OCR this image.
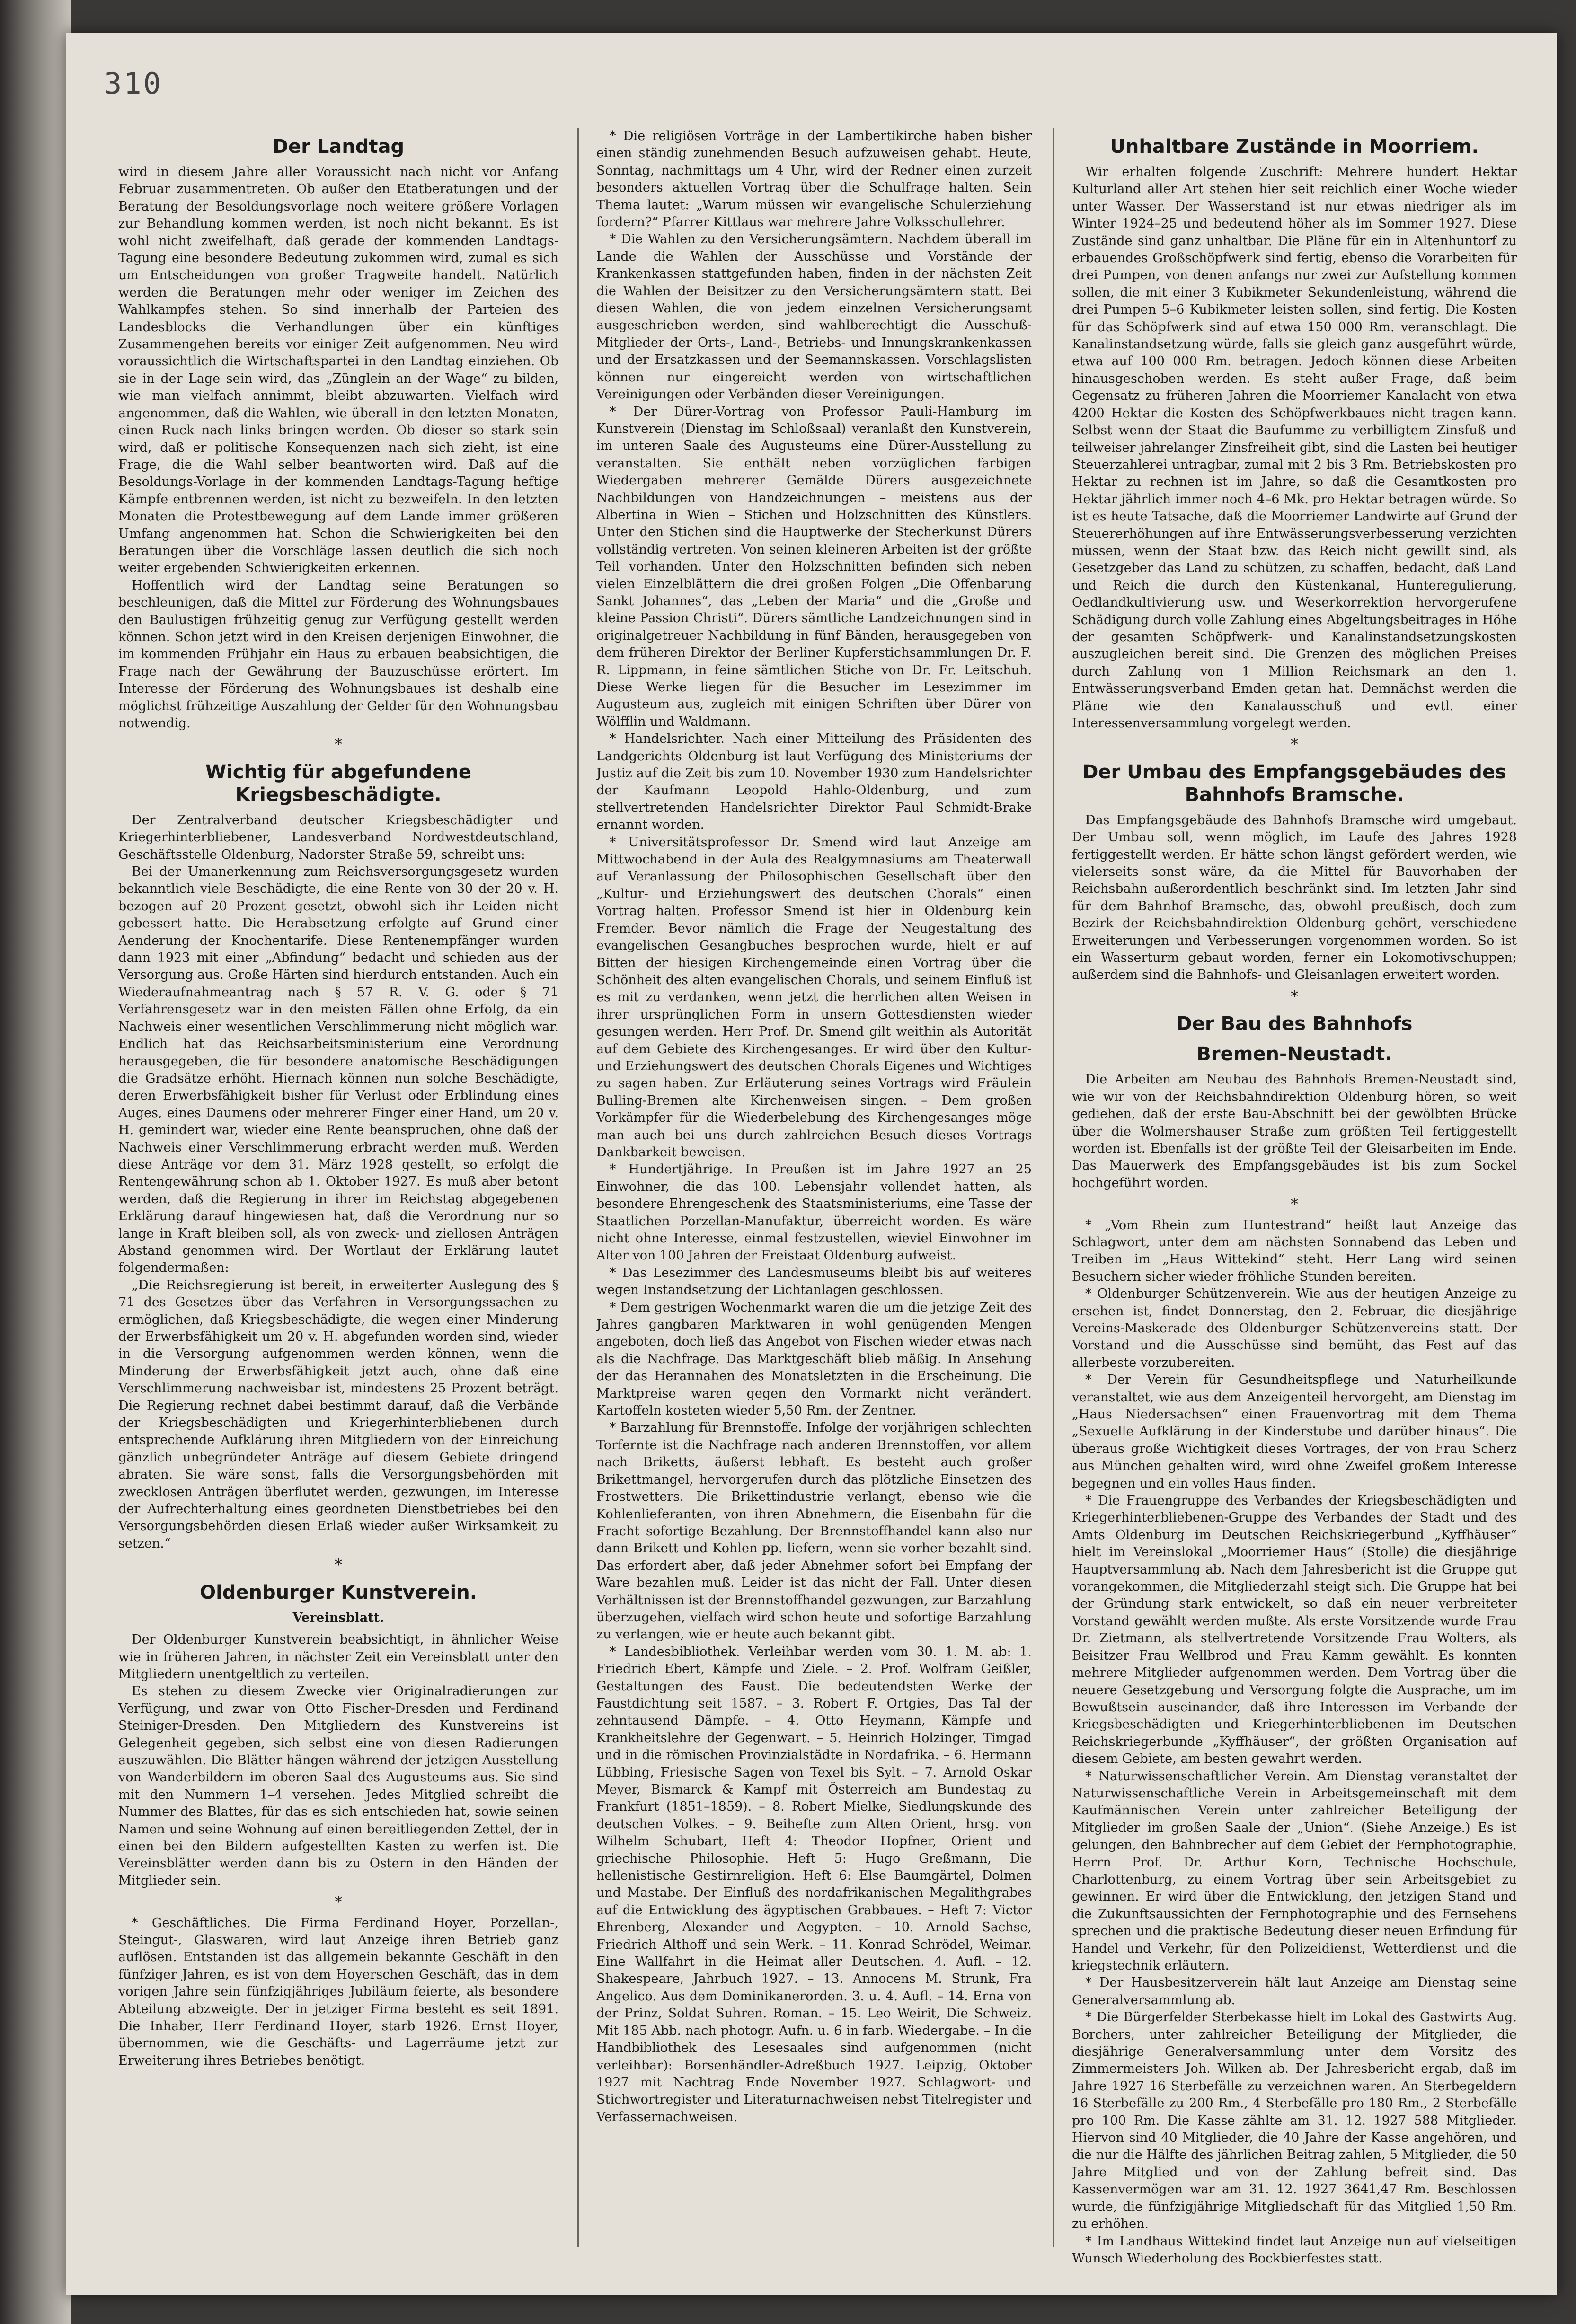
310
Der Landtag

wird in diesem Jahre aller Voraussicht nach nicht vor Anfang Februar zusammentreten. Ob außer den Etatberatungen und der Beratung der Besoldungsvorlage noch weitere größere Vorlagen zur Behandlung kommen werden, ist noch nicht bekannt. Es ist wohl nicht zweifelhaft, daß gerade der kommenden Landtags-Tagung eine besondere Bedeutung zukommen wird, zumal es sich um Entscheidungen von großer Tragweite handelt. Natürlich werden die Beratungen mehr oder weniger im Zeichen des Wahlkampfes stehen. So sind innerhalb der Parteien des Landesblocks die Verhandlungen über ein künftiges Zusammengehen bereits vor einiger Zeit aufgenommen. Neu wird voraussichtlich die Wirtschaftspartei in den Landtag einziehen. Ob sie in der Lage sein wird, das „Zünglein an der Wage“ zu bilden, wie man vielfach annimmt, bleibt abzuwarten. Vielfach wird angenommen, daß die Wahlen, wie überall in den letzten Monaten, einen Ruck nach links bringen werden. Ob dieser so stark sein wird, daß er politische Konsequenzen nach sich zieht, ist eine Frage, die die Wahl selber beantworten wird. Daß auf die Besoldungs-Vorlage in der kommenden Landtags-Tagung heftige Kämpfe entbrennen werden, ist nicht zu bezweifeln. In den letzten Monaten die Protestbewegung auf dem Lande immer größeren Umfang angenommen hat. Schon die Schwierigkeiten bei den Beratungen über die Vorschläge lassen deutlich die sich noch weiter ergebenden Schwierigkeiten erkennen.

Hoffentlich wird der Landtag seine Beratungen so beschleunigen, daß die Mittel zur Förderung des Wohnungsbaues den Baulustigen frühzeitig genug zur Verfügung gestellt werden können. Schon jetzt wird in den Kreisen derjenigen Einwohner, die im kommenden Frühjahr ein Haus zu erbauen beabsichtigen, die Frage nach der Gewährung der Bauzuschüsse erörtert. Im Interesse der Förderung des Wohnungsbaues ist deshalb eine möglichst frühzeitige Auszahlung der Gelder für den Wohnungsbau notwendig.

*
Wichtig für abgefundene Kriegsbeschädigte.

Der Zentralverband deutscher Kriegsbeschädigter und Kriegerhinterbliebener, Landesverband Nordwestdeutschland, Geschäftsstelle Oldenburg, Nadorster Straße 59, schreibt uns:

Bei der Umanerkennung zum Reichsversorgungsgesetz wurden bekanntlich viele Beschädigte, die eine Rente von 30 der 20 v. H. bezogen auf 20 Prozent gesetzt, obwohl sich ihr Leiden nicht gebessert hatte. Die Herabsetzung erfolgte auf Grund einer Aenderung der Knochentarife. Diese Rentenempfänger wurden dann 1923 mit einer „Abfindung“ bedacht und schieden aus der Versorgung aus. Große Härten sind hierdurch entstanden. Auch ein Wiederaufnahmeantrag nach § 57 R. V. G. oder § 71 Verfahrensgesetz war in den meisten Fällen ohne Erfolg, da ein Nachweis einer wesentlichen Verschlimmerung nicht möglich war. Endlich hat das Reichsarbeitsministerium eine Verordnung herausgegeben, die für besondere anatomische Beschädigungen die Gradsätze erhöht. Hiernach können nun solche Beschädigte, deren Erwerbsfähigkeit bisher für Verlust oder Erblindung eines Auges, eines Daumens oder mehrerer Finger einer Hand, um 20 v. H. gemindert war, wieder eine Rente beanspruchen, ohne daß der Nachweis einer Verschlimmerung erbracht werden muß. Werden diese Anträge vor dem 31. März 1928 gestellt, so erfolgt die Rentengewährung schon ab 1. Oktober 1927. Es muß aber betont werden, daß die Regierung in ihrer im Reichstag abgegebenen Erklärung darauf hingewiesen hat, daß die Verordnung nur so lange in Kraft bleiben soll, als von zweck- und ziellosen Anträgen Abstand genommen wird. Der Wortlaut der Erklärung lautet folgendermaßen:

„Die Reichsregierung ist bereit, in erweiterter Auslegung des § 71 des Gesetzes über das Verfahren in Versorgungssachen zu ermöglichen, daß Kriegsbeschädigte, die wegen einer Minderung der Erwerbsfähigkeit um 20 v. H. abgefunden worden sind, wieder in die Versorgung aufgenommen werden können, wenn die Minderung der Erwerbsfähigkeit jetzt auch, ohne daß eine Verschlimmerung nachweisbar ist, mindestens 25 Prozent beträgt. Die Regierung rechnet dabei bestimmt darauf, daß die Verbände der Kriegsbeschädigten und Kriegerhinterbliebenen durch entsprechende Aufklärung ihren Mitgliedern von der Einreichung gänzlich unbegründeter Anträge auf diesem Gebiete dringend abraten. Sie wäre sonst, falls die Versorgungsbehörden mit zwecklosen Anträgen überflutet werden, gezwungen, im Interesse der Aufrechterhaltung eines geordneten Dienstbetriebes bei den Versorgungsbehörden diesen Erlaß wieder außer Wirksamkeit zu setzen.“

*
Oldenburger Kunstverein.
Vereinsblatt.

Der Oldenburger Kunstverein beabsichtigt, in ähnlicher Weise wie in früheren Jahren, in nächster Zeit ein Vereinsblatt unter den Mitgliedern unentgeltlich zu verteilen.

Es stehen zu diesem Zwecke vier Originalradierungen zur Verfügung, und zwar von Otto Fischer-Dresden und Ferdinand Steiniger-Dresden. Den Mitgliedern des Kunstvereins ist Gelegenheit gegeben, sich selbst eine von diesen Radierungen auszuwählen. Die Blätter hängen während der jetzigen Ausstellung von Wanderbildern im oberen Saal des Augusteums aus. Sie sind mit den Nummern 1–4 versehen. Jedes Mitglied schreibt die Nummer des Blattes, für das es sich entschieden hat, sowie seinen Namen und seine Wohnung auf einen bereitliegenden Zettel, der in einen bei den Bildern aufgestellten Kasten zu werfen ist. Die Vereinsblätter werden dann bis zu Ostern in den Händen der Mitglieder sein.

*

* Geschäftliches. Die Firma Ferdinand Hoyer, Porzellan-, Steingut-, Glaswaren, wird laut Anzeige ihren Betrieb ganz auflösen. Entstanden ist das allgemein bekannte Geschäft in den fünfziger Jahren, es ist von dem Hoyerschen Geschäft, das in dem vorigen Jahre sein fünfzigjähriges Jubiläum feierte, als besondere Abteilung abzweigte. Der in jetziger Firma besteht es seit 1891. Die Inhaber, Herr Ferdinand Hoyer, starb 1926. Ernst Hoyer, übernommen, wie die Geschäfts- und Lagerräume jetzt zur Erweiterung ihres Betriebes benötigt.

* Die religiösen Vorträge in der Lambertikirche haben bisher einen ständig zunehmenden Besuch aufzuweisen gehabt. Heute, Sonntag, nachmittags um 4 Uhr, wird der Redner einen zurzeit besonders aktuellen Vortrag über die Schulfrage halten. Sein Thema lautet: „Warum müssen wir evangelische Schulerziehung fordern?“ Pfarrer Kittlaus war mehrere Jahre Volksschullehrer.

* Die Wahlen zu den Versicherungsämtern. Nachdem überall im Lande die Wahlen der Ausschüsse und Vorstände der Krankenkassen stattgefunden haben, finden in der nächsten Zeit die Wahlen der Beisitzer zu den Versicherungsämtern statt. Bei diesen Wahlen, die von jedem einzelnen Versicherungsamt ausgeschrieben werden, sind wahlberechtigt die Ausschuß-Mitglieder der Orts-, Land-, Betriebs- und Innungskrankenkassen und der Ersatzkassen und der Seemannskassen. Vorschlagslisten können nur eingereicht werden von wirtschaftlichen Vereinigungen oder Verbänden dieser Vereinigungen.

* Der Dürer-Vortrag von Professor Pauli-Hamburg im Kunstverein (Dienstag im Schloßsaal) veranlaßt den Kunstverein, im unteren Saale des Augusteums eine Dürer-Ausstellung zu veranstalten. Sie enthält neben vorzüglichen farbigen Wiedergaben mehrerer Gemälde Dürers ausgezeichnete Nachbildungen von Handzeichnungen – meistens aus der Albertina in Wien – Stichen und Holzschnitten des Künstlers. Unter den Stichen sind die Hauptwerke der Stecherkunst Dürers vollständig vertreten. Von seinen kleineren Arbeiten ist der größte Teil vorhanden. Unter den Holzschnitten befinden sich neben vielen Einzelblättern die drei großen Folgen „Die Offenbarung Sankt Johannes“, das „Leben der Maria“ und die „Große und kleine Passion Christi“. Dürers sämtliche Landzeichnungen sind in originalgetreuer Nachbildung in fünf Bänden, herausgegeben von dem früheren Direktor der Berliner Kupferstichsammlungen Dr. F. R. Lippmann, in feine sämtlichen Stiche von Dr. Fr. Leitschuh. Diese Werke liegen für die Besucher im Lesezimmer im Augusteum aus, zugleich mit einigen Schriften über Dürer von Wölfflin und Waldmann.

* Handelsrichter. Nach einer Mitteilung des Präsidenten des Landgerichts Oldenburg ist laut Verfügung des Ministeriums der Justiz auf die Zeit bis zum 10. November 1930 zum Handelsrichter der Kaufmann Leopold Hahlo-Oldenburg, und zum stellvertretenden Handelsrichter Direktor Paul Schmidt-Brake ernannt worden.

* Universitätsprofessor Dr. Smend wird laut Anzeige am Mittwochabend in der Aula des Realgymnasiums am Theaterwall auf Veranlassung der Philosophischen Gesellschaft über den „Kultur- und Erziehungswert des deutschen Chorals“ einen Vortrag halten. Professor Smend ist hier in Oldenburg kein Fremder. Bevor nämlich die Frage der Neugestaltung des evangelischen Gesangbuches besprochen wurde, hielt er auf Bitten der hiesigen Kirchengemeinde einen Vortrag über die Schönheit des alten evangelischen Chorals, und seinem Einfluß ist es mit zu verdanken, wenn jetzt die herrlichen alten Weisen in ihrer ursprünglichen Form in unsern Gottesdiensten wieder gesungen werden. Herr Prof. Dr. Smend gilt weithin als Autorität auf dem Gebiete des Kirchengesanges. Er wird über den Kultur- und Erziehungswert des deutschen Chorals Eigenes und Wichtiges zu sagen haben. Zur Erläuterung seines Vortrags wird Fräulein Bulling-Bremen alte Kirchenweisen singen. – Dem großen Vorkämpfer für die Wiederbelebung des Kirchengesanges möge man auch bei uns durch zahlreichen Besuch dieses Vortrags Dankbarkeit beweisen.

* Hundertjährige. In Preußen ist im Jahre 1927 an 25 Einwohner, die das 100. Lebensjahr vollendet hatten, als besondere Ehrengeschenk des Staatsministeriums, eine Tasse der Staatlichen Porzellan-Manufaktur, überreicht worden. Es wäre nicht ohne Interesse, einmal festzustellen, wieviel Einwohner im Alter von 100 Jahren der Freistaat Oldenburg aufweist.

* Das Lesezimmer des Landesmuseums bleibt bis auf weiteres wegen Instandsetzung der Lichtanlagen geschlossen.

* Dem gestrigen Wochenmarkt waren die um die jetzige Zeit des Jahres gangbaren Marktwaren in wohl genügenden Mengen angeboten, doch ließ das Angebot von Fischen wieder etwas nach als die Nachfrage. Das Marktgeschäft blieb mäßig. In Ansehung der das Herannahen des Monatsletzten in die Erscheinung. Die Marktpreise waren gegen den Vormarkt nicht verändert. Kartoffeln kosteten wieder 5,50 Rm. der Zentner.

* Barzahlung für Brennstoffe. Infolge der vorjährigen schlechten Torfernte ist die Nachfrage nach anderen Brennstoffen, vor allem nach Briketts, äußerst lebhaft. Es besteht auch großer Brikettmangel, hervorgerufen durch das plötzliche Einsetzen des Frostwetters. Die Brikettindustrie verlangt, ebenso wie die Kohlenlieferanten, von ihren Abnehmern, die Eisenbahn für die Fracht sofortige Bezahlung. Der Brennstoffhandel kann also nur dann Brikett und Kohlen pp. liefern, wenn sie vorher bezahlt sind. Das erfordert aber, daß jeder Abnehmer sofort bei Empfang der Ware bezahlen muß. Leider ist das nicht der Fall. Unter diesen Verhältnissen ist der Brennstoffhandel gezwungen, zur Barzahlung überzugehen, vielfach wird schon heute und sofortige Barzahlung zu verlangen, wie er heute auch bekannt gibt.

* Landesbibliothek. Verleihbar werden vom 30. 1. M. ab: 1. Friedrich Ebert, Kämpfe und Ziele. – 2. Prof. Wolfram Geißler, Gestaltungen des Faust. Die bedeutendsten Werke der Faustdichtung seit 1587. – 3. Robert F. Ortgies, Das Tal der zehntausend Dämpfe. – 4. Otto Heymann, Kämpfe und Krankheitslehre der Gegenwart. – 5. Heinrich Holzinger, Timgad und in die römischen Provinzialstädte in Nordafrika. – 6. Hermann Lübbing, Friesische Sagen von Texel bis Sylt. – 7. Arnold Oskar Meyer, Bismarck & Kampf mit Österreich am Bundestag zu Frankfurt (1851–1859). – 8. Robert Mielke, Siedlungskunde des deutschen Volkes. – 9. Beihefte zum Alten Orient, hrsg. von Wilhelm Schubart, Heft 4: Theodor Hopfner, Orient und griechische Philosophie. Heft 5: Hugo Greßmann, Die hellenistische Gestirnreligion. Heft 6: Else Baumgärtel, Dolmen und Mastabe. Der Einfluß des nordafrikanischen Megalithgrabes auf die Entwicklung des ägyptischen Grabbaues. – Heft 7: Victor Ehrenberg, Alexander und Aegypten. – 10. Arnold Sachse, Friedrich Althoff und sein Werk. – 11. Konrad Schrödel, Weimar. Eine Wallfahrt in die Heimat aller Deutschen. 4. Aufl. – 12. Shakespeare, Jahrbuch 1927. – 13. Annocens M. Strunk, Fra Angelico. Aus dem Dominikanerorden. 3. u. 4. Aufl. – 14. Erna von der Prinz, Soldat Suhren. Roman. – 15. Leo Weirit, Die Schweiz. Mit 185 Abb. nach photogr. Aufn. u. 6 in farb. Wiedergabe. – In die Handbibliothek des Lesesaales sind aufgenommen (nicht verleihbar): Borsenhändler-Adreßbuch 1927. Leipzig, Oktober 1927 mit Nachtrag Ende November 1927. Schlagwort- und Stichwortregister und Literaturnachweisen nebst Titelregister und Verfassernachweisen.

Unhaltbare Zustände in Moorriem.

Wir erhalten folgende Zuschrift: Mehrere hundert Hektar Kulturland aller Art stehen hier seit reichlich einer Woche wieder unter Wasser. Der Wasserstand ist nur etwas niedriger als im Winter 1924–25 und bedeutend höher als im Sommer 1927. Diese Zustände sind ganz unhaltbar. Die Pläne für ein in Altenhuntorf zu erbauendes Großschöpfwerk sind fertig, ebenso die Vorarbeiten für drei Pumpen, von denen anfangs nur zwei zur Aufstellung kommen sollen, die mit einer 3 Kubikmeter Sekundenleistung, während die drei Pumpen 5–6 Kubikmeter leisten sollen, sind fertig. Die Kosten für das Schöpfwerk sind auf etwa 150 000 Rm. veranschlagt. Die Kanalinstandsetzung würde, falls sie gleich ganz ausgeführt würde, etwa auf 100 000 Rm. betragen. Jedoch können diese Arbeiten hinausgeschoben werden. Es steht außer Frage, daß beim Gegensatz zu früheren Jahren die Moorriemer Kanalacht von etwa 4200 Hektar die Kosten des Schöpfwerkbaues nicht tragen kann. Selbst wenn der Staat die Baufumme zu verbilligtem Zinsfuß und teilweiser jahrelanger Zinsfreiheit gibt, sind die Lasten bei heutiger Steuerzahlerei untragbar, zumal mit 2 bis 3 Rm. Betriebskosten pro Hektar zu rechnen ist im Jahre, so daß die Gesamtkosten pro Hektar jährlich immer noch 4–6 Mk. pro Hektar betragen würde. So ist es heute Tatsache, daß die Moorriemer Landwirte auf Grund der Steuererhöhungen auf ihre Entwässerungsverbesserung verzichten müssen, wenn der Staat bzw. das Reich nicht gewillt sind, als Gesetzgeber das Land zu schützen, zu schaffen, bedacht, daß Land und Reich die durch den Küstenkanal, Hunteregulierung, Oedlandkultivierung usw. und Weserkorrektion hervorgerufene Schädigung durch volle Zahlung eines Abgeltungsbeitrages in Höhe der gesamten Schöpfwerk- und Kanalinstandsetzungskosten auszugleichen bereit sind. Die Grenzen des möglichen Preises durch Zahlung von 1 Million Reichsmark an den 1. Entwässerungsverband Emden getan hat. Demnächst werden die Pläne wie den Kanalausschuß und evtl. einer Interessenversammlung vorgelegt werden.

*
Der Umbau des Empfangsgebäudes des Bahnhofs Bramsche.

Das Empfangsgebäude des Bahnhofs Bramsche wird umgebaut. Der Umbau soll, wenn möglich, im Laufe des Jahres 1928 fertiggestellt werden. Er hätte schon längst gefördert werden, wie vielerseits sonst wäre, da die Mittel für Bauvorhaben der Reichsbahn außerordentlich beschränkt sind. Im letzten Jahr sind für dem Bahnhof Bramsche, das, obwohl preußisch, doch zum Bezirk der Reichsbahndirektion Oldenburg gehört, verschiedene Erweiterungen und Verbesserungen vorgenommen worden. So ist ein Wasserturm gebaut worden, ferner ein Lokomotivschuppen; außerdem sind die Bahnhofs- und Gleisanlagen erweitert worden.

*
Der Bau des Bahnhofs
Bremen-Neustadt.

Die Arbeiten am Neubau des Bahnhofs Bremen-Neustadt sind, wie wir von der Reichsbahndirektion Oldenburg hören, so weit gediehen, daß der erste Bau-Abschnitt bei der gewölbten Brücke über die Wolmershauser Straße zum größten Teil fertiggestellt worden ist. Ebenfalls ist der größte Teil der Gleisarbeiten im Ende. Das Mauerwerk des Empfangsgebäudes ist bis zum Sockel hochgeführt worden.

*

* „Vom Rhein zum Huntestrand“ heißt laut Anzeige das Schlagwort, unter dem am nächsten Sonnabend das Leben und Treiben im „Haus Wittekind“ steht. Herr Lang wird seinen Besuchern sicher wieder fröhliche Stunden bereiten.

* Oldenburger Schützenverein. Wie aus der heutigen Anzeige zu ersehen ist, findet Donnerstag, den 2. Februar, die diesjährige Vereins-Maskerade des Oldenburger Schützenvereins statt. Der Vorstand und die Ausschüsse sind bemüht, das Fest auf das allerbeste vorzubereiten.

* Der Verein für Gesundheitspflege und Naturheilkunde veranstaltet, wie aus dem Anzeigenteil hervorgeht, am Dienstag im „Haus Niedersachsen“ einen Frauenvortrag mit dem Thema „Sexuelle Aufklärung in der Kinderstube und darüber hinaus“. Die überaus große Wichtigkeit dieses Vortrages, der von Frau Scherz aus München gehalten wird, wird ohne Zweifel großem Interesse begegnen und ein volles Haus finden.

* Die Frauengruppe des Verbandes der Kriegsbeschädigten und Kriegerhinterbliebenen-Gruppe des Verbandes der Stadt und des Amts Oldenburg im Deutschen Reichskriegerbund „Kyffhäuser“ hielt im Vereinslokal „Moorriemer Haus“ (Stolle) die diesjährige Hauptversammlung ab. Nach dem Jahresbericht ist die Gruppe gut vorangekommen, die Mitgliederzahl steigt sich. Die Gruppe hat bei der Gründung stark entwickelt, so daß ein neuer verbreiteter Vorstand gewählt werden mußte. Als erste Vorsitzende wurde Frau Dr. Zietmann, als stellvertretende Vorsitzende Frau Wolters, als Beisitzer Frau Wellbrod und Frau Kamm gewählt. Es konnten mehrere Mitglieder aufgenommen werden. Dem Vortrag über die neuere Gesetzgebung und Versorgung folgte die Ausprache, um im Bewußtsein auseinander, daß ihre Interessen im Verbande der Kriegsbeschädigten und Kriegerhinterbliebenen im Deutschen Reichskriegerbunde „Kyffhäuser“, der größten Organisation auf diesem Gebiete, am besten gewahrt werden.

* Naturwissenschaftlicher Verein. Am Dienstag veranstaltet der Naturwissenschaftliche Verein in Arbeitsgemeinschaft mit dem Kaufmännischen Verein unter zahlreicher Beteiligung der Mitglieder im großen Saale der „Union“. (Siehe Anzeige.) Es ist gelungen, den Bahnbrecher auf dem Gebiet der Fernphotographie, Herrn Prof. Dr. Arthur Korn, Technische Hochschule, Charlottenburg, zu einem Vortrag über sein Arbeitsgebiet zu gewinnen. Er wird über die Entwicklung, den jetzigen Stand und die Zukunftsaussichten der Fernphotographie und des Fernsehens sprechen und die praktische Bedeutung dieser neuen Erfindung für Handel und Verkehr, für den Polizeidienst, Wetterdienst und die kriegstechnik erläutern.

* Der Hausbesitzerverein hält laut Anzeige am Dienstag seine Generalversammlung ab.

* Die Bürgerfelder Sterbekasse hielt im Lokal des Gastwirts Aug. Borchers, unter zahlreicher Beteiligung der Mitglieder, die diesjährige Generalversammlung unter dem Vorsitz des Zimmermeisters Joh. Wilken ab. Der Jahresbericht ergab, daß im Jahre 1927 16 Sterbefälle zu verzeichnen waren. An Sterbegeldern 16 Sterbefälle zu 200 Rm., 4 Sterbefälle pro 180 Rm., 2 Sterbefälle pro 100 Rm. Die Kasse zählte am 31. 12. 1927 588 Mitglieder. Hiervon sind 40 Mitglieder, die 40 Jahre der Kasse angehören, und die nur die Hälfte des jährlichen Beitrag zahlen, 5 Mitglieder, die 50 Jahre Mitglied und von der Zahlung befreit sind. Das Kassenvermögen war am 31. 12. 1927 3641,47 Rm. Beschlossen wurde, die fünfzigjährige Mitgliedschaft für das Mitglied 1,50 Rm. zu erhöhen.

* Im Landhaus Wittekind findet laut Anzeige nun auf vielseitigen Wunsch Wiederholung des Bockbierfestes statt.
